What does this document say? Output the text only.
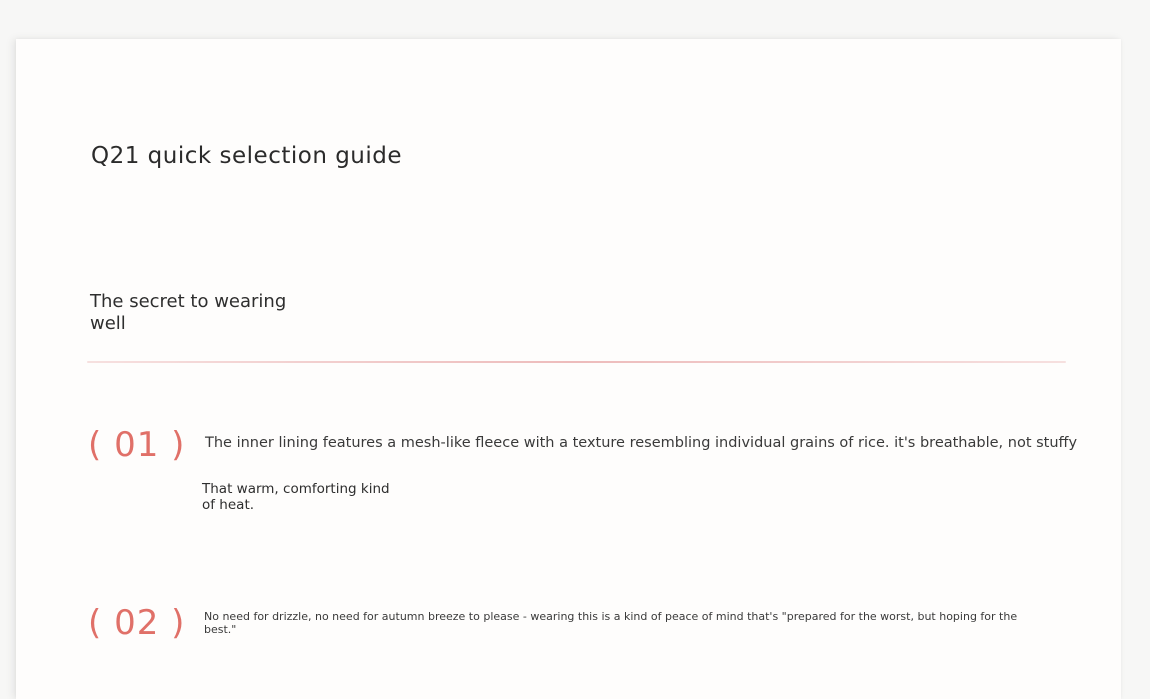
Q21 quick selection guide
The secret to wearing well
( 01 ) The inner lining features a mesh-like fleece with a texture resembling individual grains of rice. it's breathable, not stuffy
That warm, comforting kind of heat.
( 02 ) No need for drizzle, no need for autumn breeze to please - wearing this is a kind of peace of mind that's "prepared for the worst, but hoping for the best."
